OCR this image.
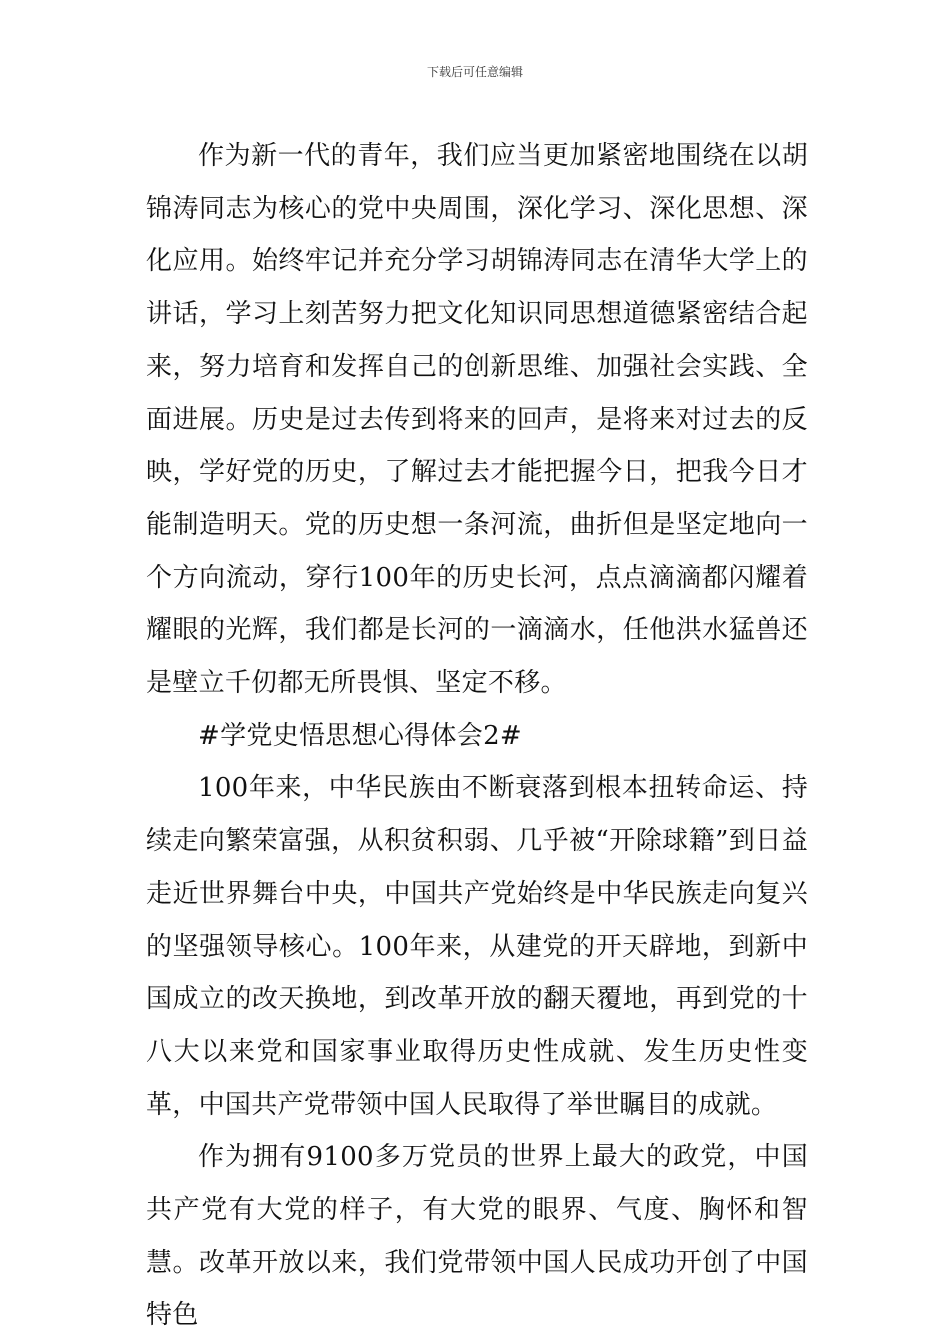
下载后可任意编辑

作为新一代的青年，我们应当更加紧密地围绕在以胡锦涛同志为核心的党中央周围，深化学习、深化思想、深化应用。始终牢记并充分学习胡锦涛同志在清华大学上的讲话，学习上刻苦努力把文化知识同思想道德紧密结合起来，努力培育和发挥自己的创新思维、加强社会实践、全面进展。历史是过去传到将来的回声，是将来对过去的反映，学好党的历史，了解过去才能把握今日，把我今日才能制造明天。党的历史想一条河流，曲折但是坚定地向一个方向流动，穿行100年的历史长河，点点滴滴都闪耀着耀眼的光辉，我们都是长河的一滴滴水，任他洪水猛兽还是壁立千仞都无所畏惧、坚定不移。

#学党史悟思想心得体会2#

100年来，中华民族由不断衰落到根本扭转命运、持续走向繁荣富强，从积贫积弱、几乎被“开除球籍”到日益走近世界舞台中央，中国共产党始终是中华民族走向复兴的坚强领导核心。100年来，从建党的开天辟地，到新中国成立的改天换地，到改革开放的翻天覆地，再到党的十八大以来党和国家事业取得历史性成就、发生历史性变革，中国共产党带领中国人民取得了举世瞩目的成就。

作为拥有9100多万党员的世界上最大的政党，中国共产党有大党的样子，有大党的眼界、气度、胸怀和智慧。改革开放以来，我们党带领中国人民成功开创了中国特色
